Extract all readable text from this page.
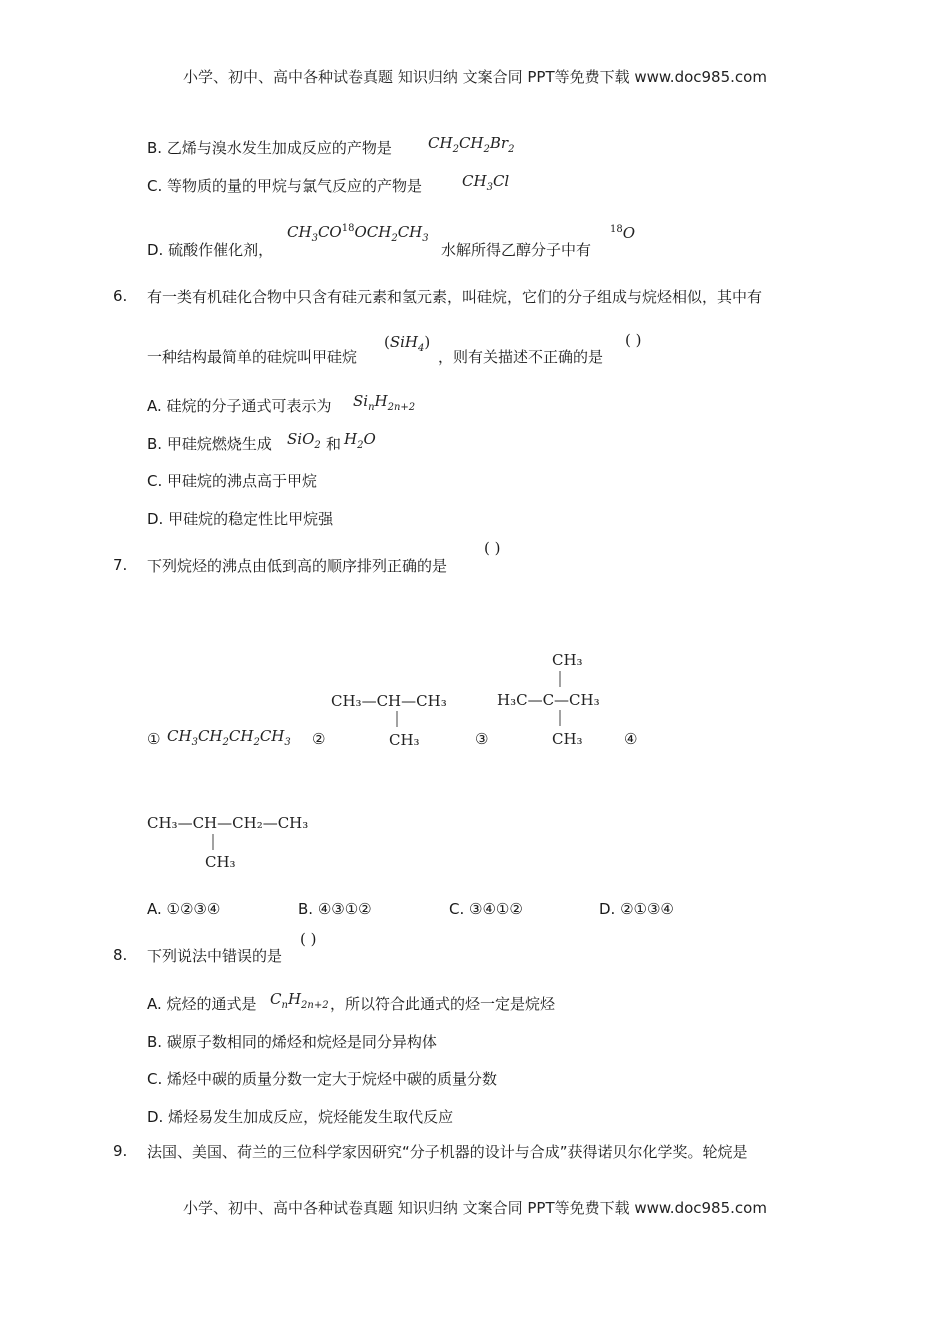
小学、初中、高中各种试卷真题 知识归纳 文案合同 PPT等免费下载 www.doc985.com
B. 乙烯与溴水发生加成反应的产物是 $CH_2CH_2Br_2$
C. 等物质的量的甲烷与氯气反应的产物是	$CH_3Cl$
D. 硫酸作催化剂，
$CH_3CO^{18}OCH_2CH_3$
水解所得乙醇分子中有
$^{18}$O
6. 有一类有机硅化合物中只含有硅元素和氢元素，叫硅烷，它们的分子组成与烷烃相似，其中有
一种结构最简单的硅烷叫甲硅烷
(SiH$_4$)
，则有关描述不正确的是
( )
A. 硅烷的分子通式可表示为 $Si_nH_{2n+2}$
B. 甲硅烷燃烧生成 SiO$_2$ 和 $H_2O$
C. 甲硅烷的沸点高于甲烷
D. 甲硅烷的稳定性比甲烷强
7. 下列烷烃的沸点由低到高的顺序排列正确的是
( )
① $CH_3CH_2CH_2CH_3$ ②	③	④
CH₃—CH—CH₃
CH₃
CH₃
H₃C—C—CH₃
CH₃
CH₃—CH—CH₂—CH₃
CH₃
A. ①②③④	B. ④③①②	C. ③④①②	D. ②①③④
8. 下列说法中错误的是
( )
A. 烷烃的通式是 $C_nH_{2n+2}$ ，所以符合此通式的烃一定是烷烃
B. 碳原子数相同的烯烃和烷烃是同分异构体
C. 烯烃中碳的质量分数一定大于烷烃中碳的质量分数
D. 烯烃易发生加成反应，烷烃能发生取代反应
9. 法国、美国、荷兰的三位科学家因研究“分子机器的设计与合成”获得诺贝尔化学奖。轮烷是
小学、初中、高中各种试卷真题 知识归纳 文案合同 PPT等免费下载 www.doc985.com
